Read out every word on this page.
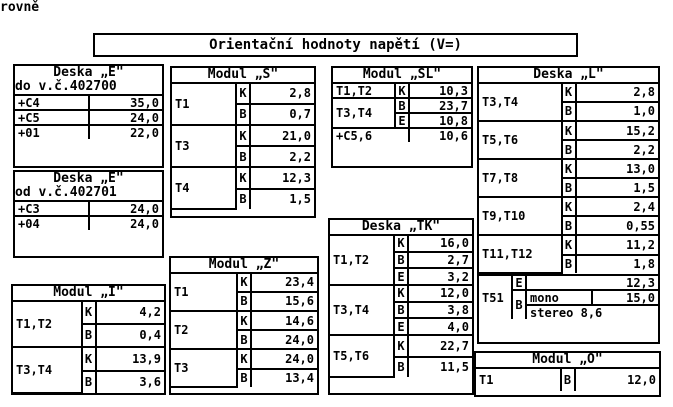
rovně
Orientační hodnoty napětí (V=)
Deska „E"
do v.č.402700
+C4	35,0
+C5	24,0
+01	22,0
Deska „E"
od v.č.402701
+C3	24,0
+04	24,0
Modul „S"
T1	K	2,8
	B	0,7
T3	K	21,0
	B	2,2
T4	K	12,3
	B	1,5
Modul „SL"
T1,T2	K	10,3
T3,T4	B	23,7
	E	10,8
+C5,6		10,6
Deska „L"
T3,T4	K	2,8
	B	1,0
T5,T6	K	15,2
	B	2,2
T7,T8	K	13,0
	B	1,5
T9,T10	K	2,4
	B	0,55
T11,T12	K	11,2
	B	1,8
T51	E	12,3	
	B	mono	15,0
		stereo 8,6	
Deska „TK"
T1,T2	K	16,0
	B	2,7
	E	3,2
T3,T4	K	12,0
	B	3,8
	E	4,0
T5,T6	K	22,7
	B	11,5
Modul „Z"
T1	K	23,4
	B	15,6
T2	K	14,6
	B	24,0
T3	K	24,0
	B	13,4
Modul „I"
T1,T2	K	4,2
	B	0,4
T3,T4	K	13,9
	B	3,6
Modul „O"
T1	B	12,0
